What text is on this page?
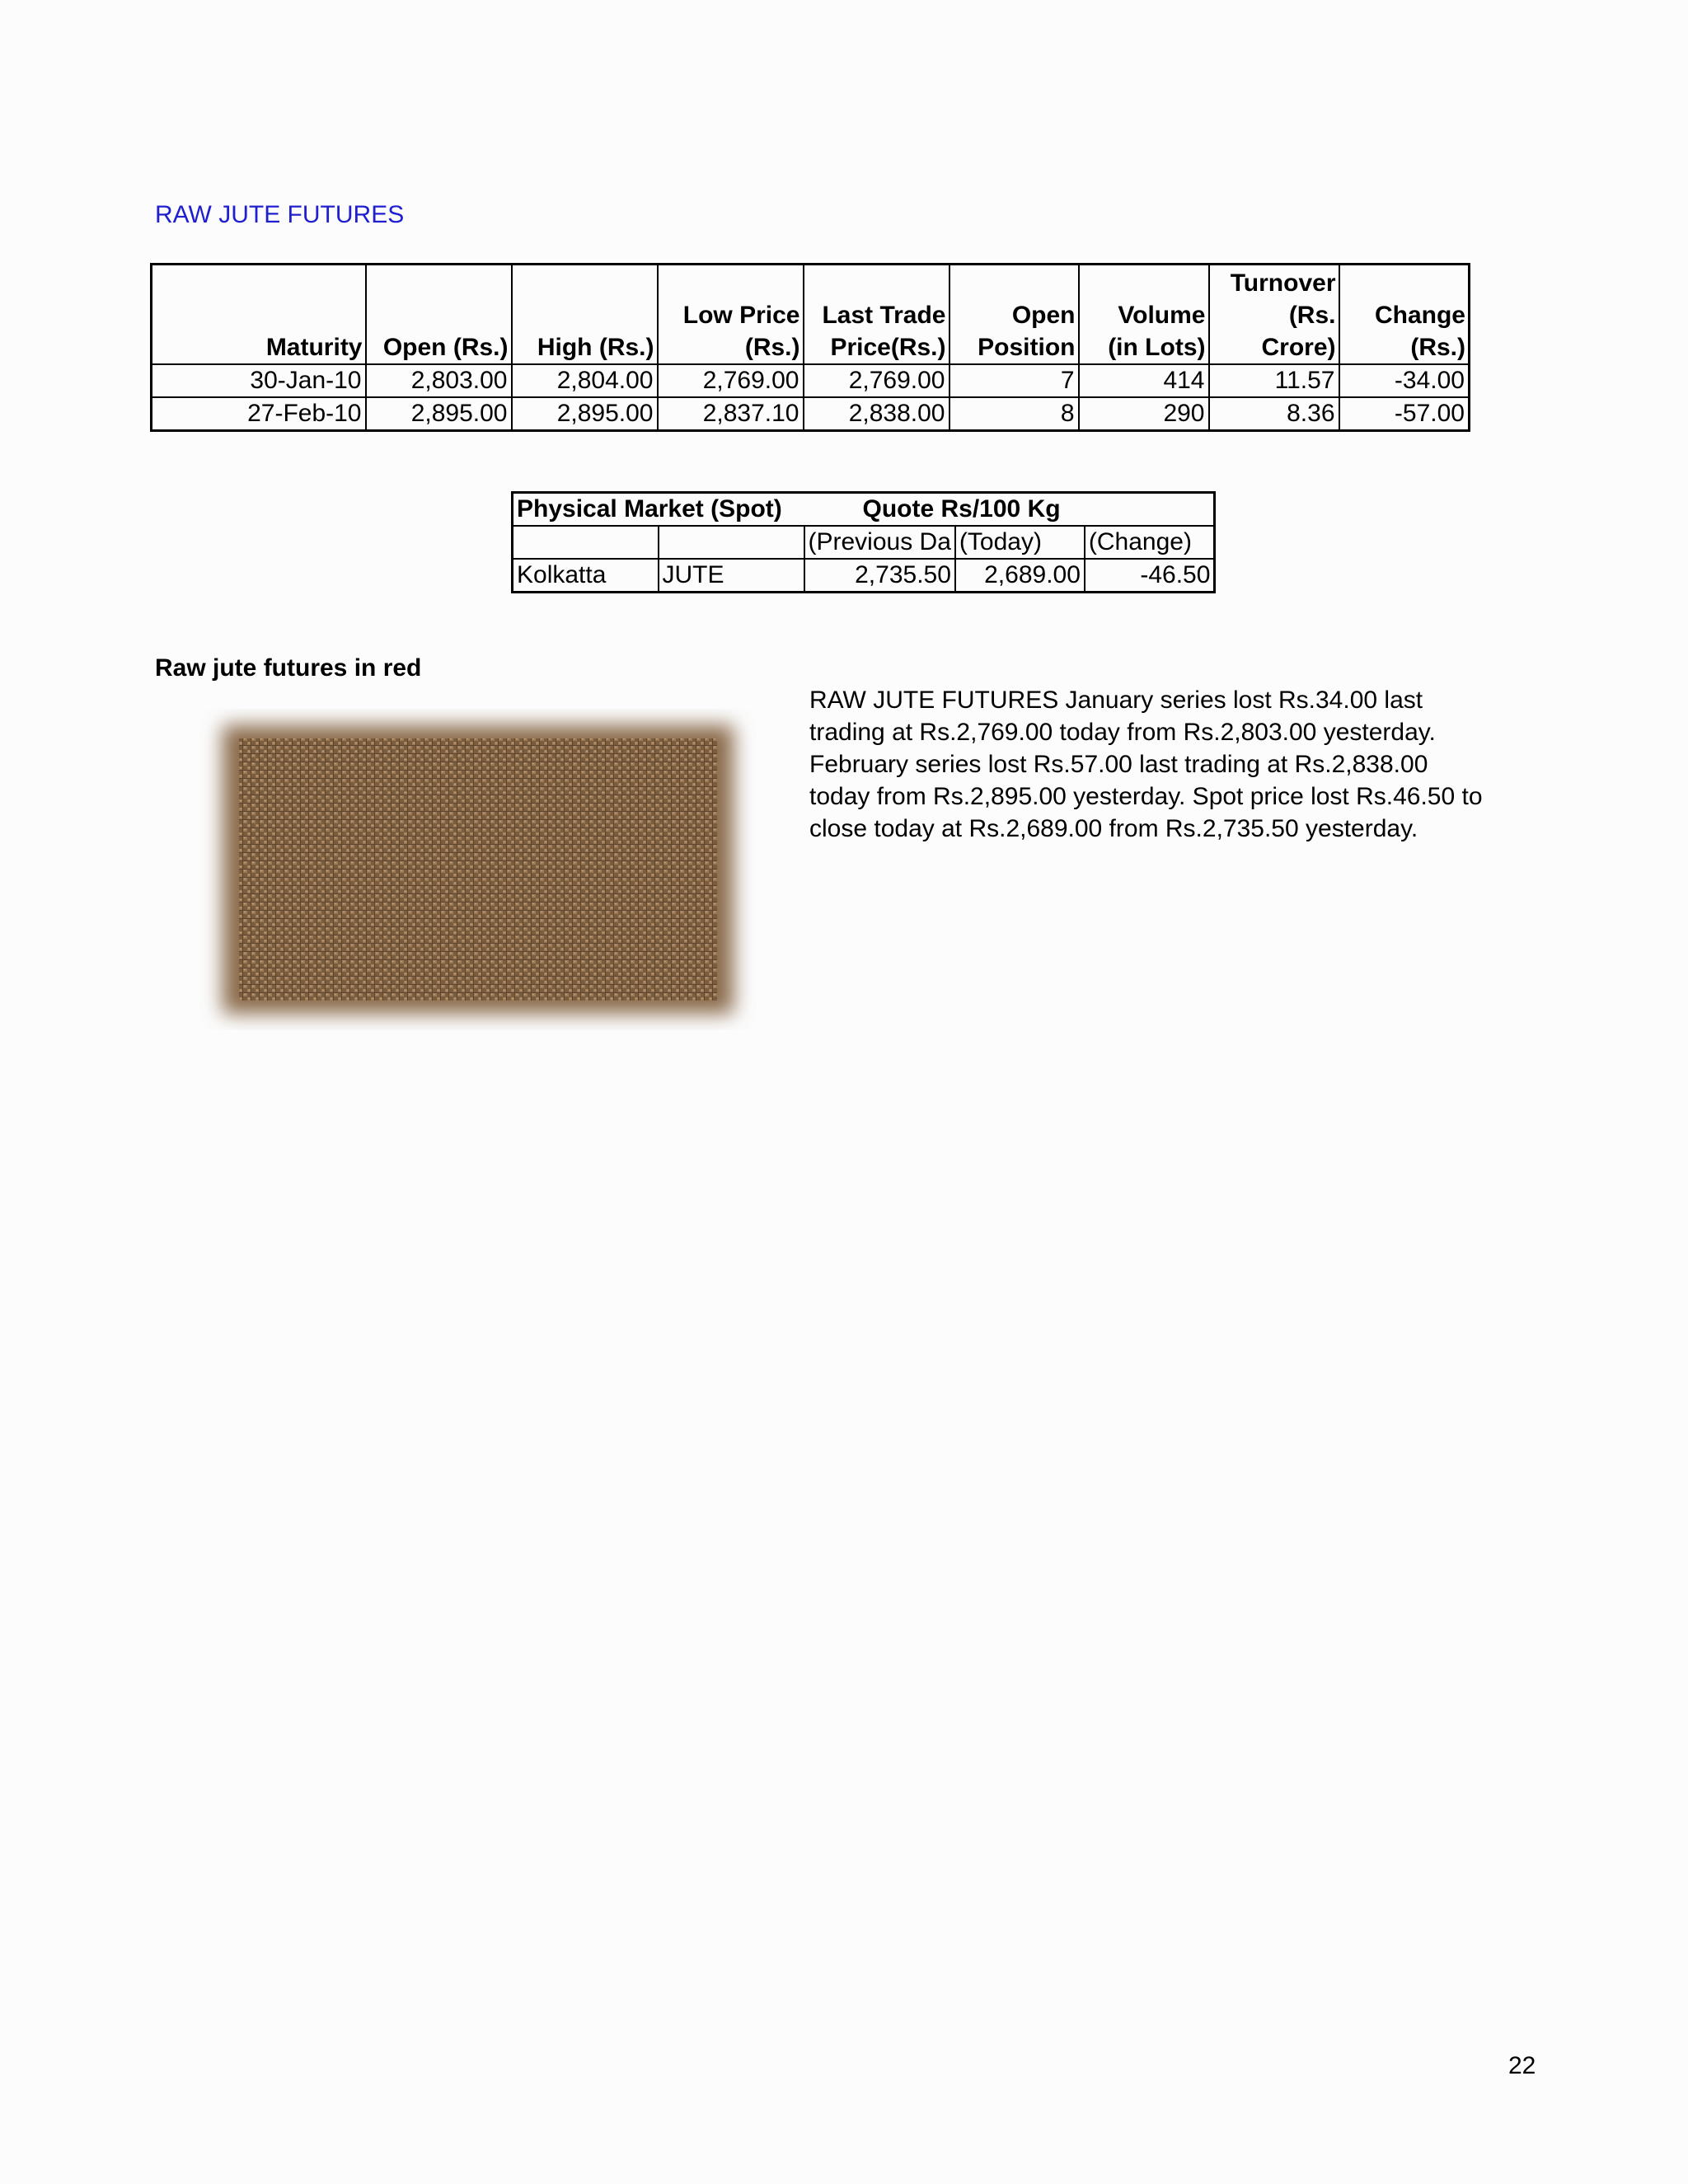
RAW JUTE FUTURES
Maturity	Open (Rs.)	High (Rs.)	Low Price (Rs.)	Last Trade Price(Rs.)	Open Position	Volume (in Lots)	Turnover (Rs. Crore)	Change (Rs.)
30-Jan-10	2,803.00	2,804.00	2,769.00	2,769.00	7	414	11.57	-34.00
27-Feb-10	2,895.00	2,895.00	2,837.10	2,838.00	8	290	8.36	-57.00
Physical Market (Spot)		Quote Rs/100 Kg		
		(Previous Da	(Today)	(Change)
Kolkatta	JUTE	2,735.50	2,689.00	-46.50

Raw jute futures in red

RAW JUTE FUTURES January series lost Rs.34.00 last trading at Rs.2,769.00 today from Rs.2,803.00 yesterday. February series lost Rs.57.00 last trading at Rs.2,838.00 today from Rs.2,895.00 yesterday. Spot price lost Rs.46.50 to close today at Rs.2,689.00 from Rs.2,735.50 yesterday.

22
